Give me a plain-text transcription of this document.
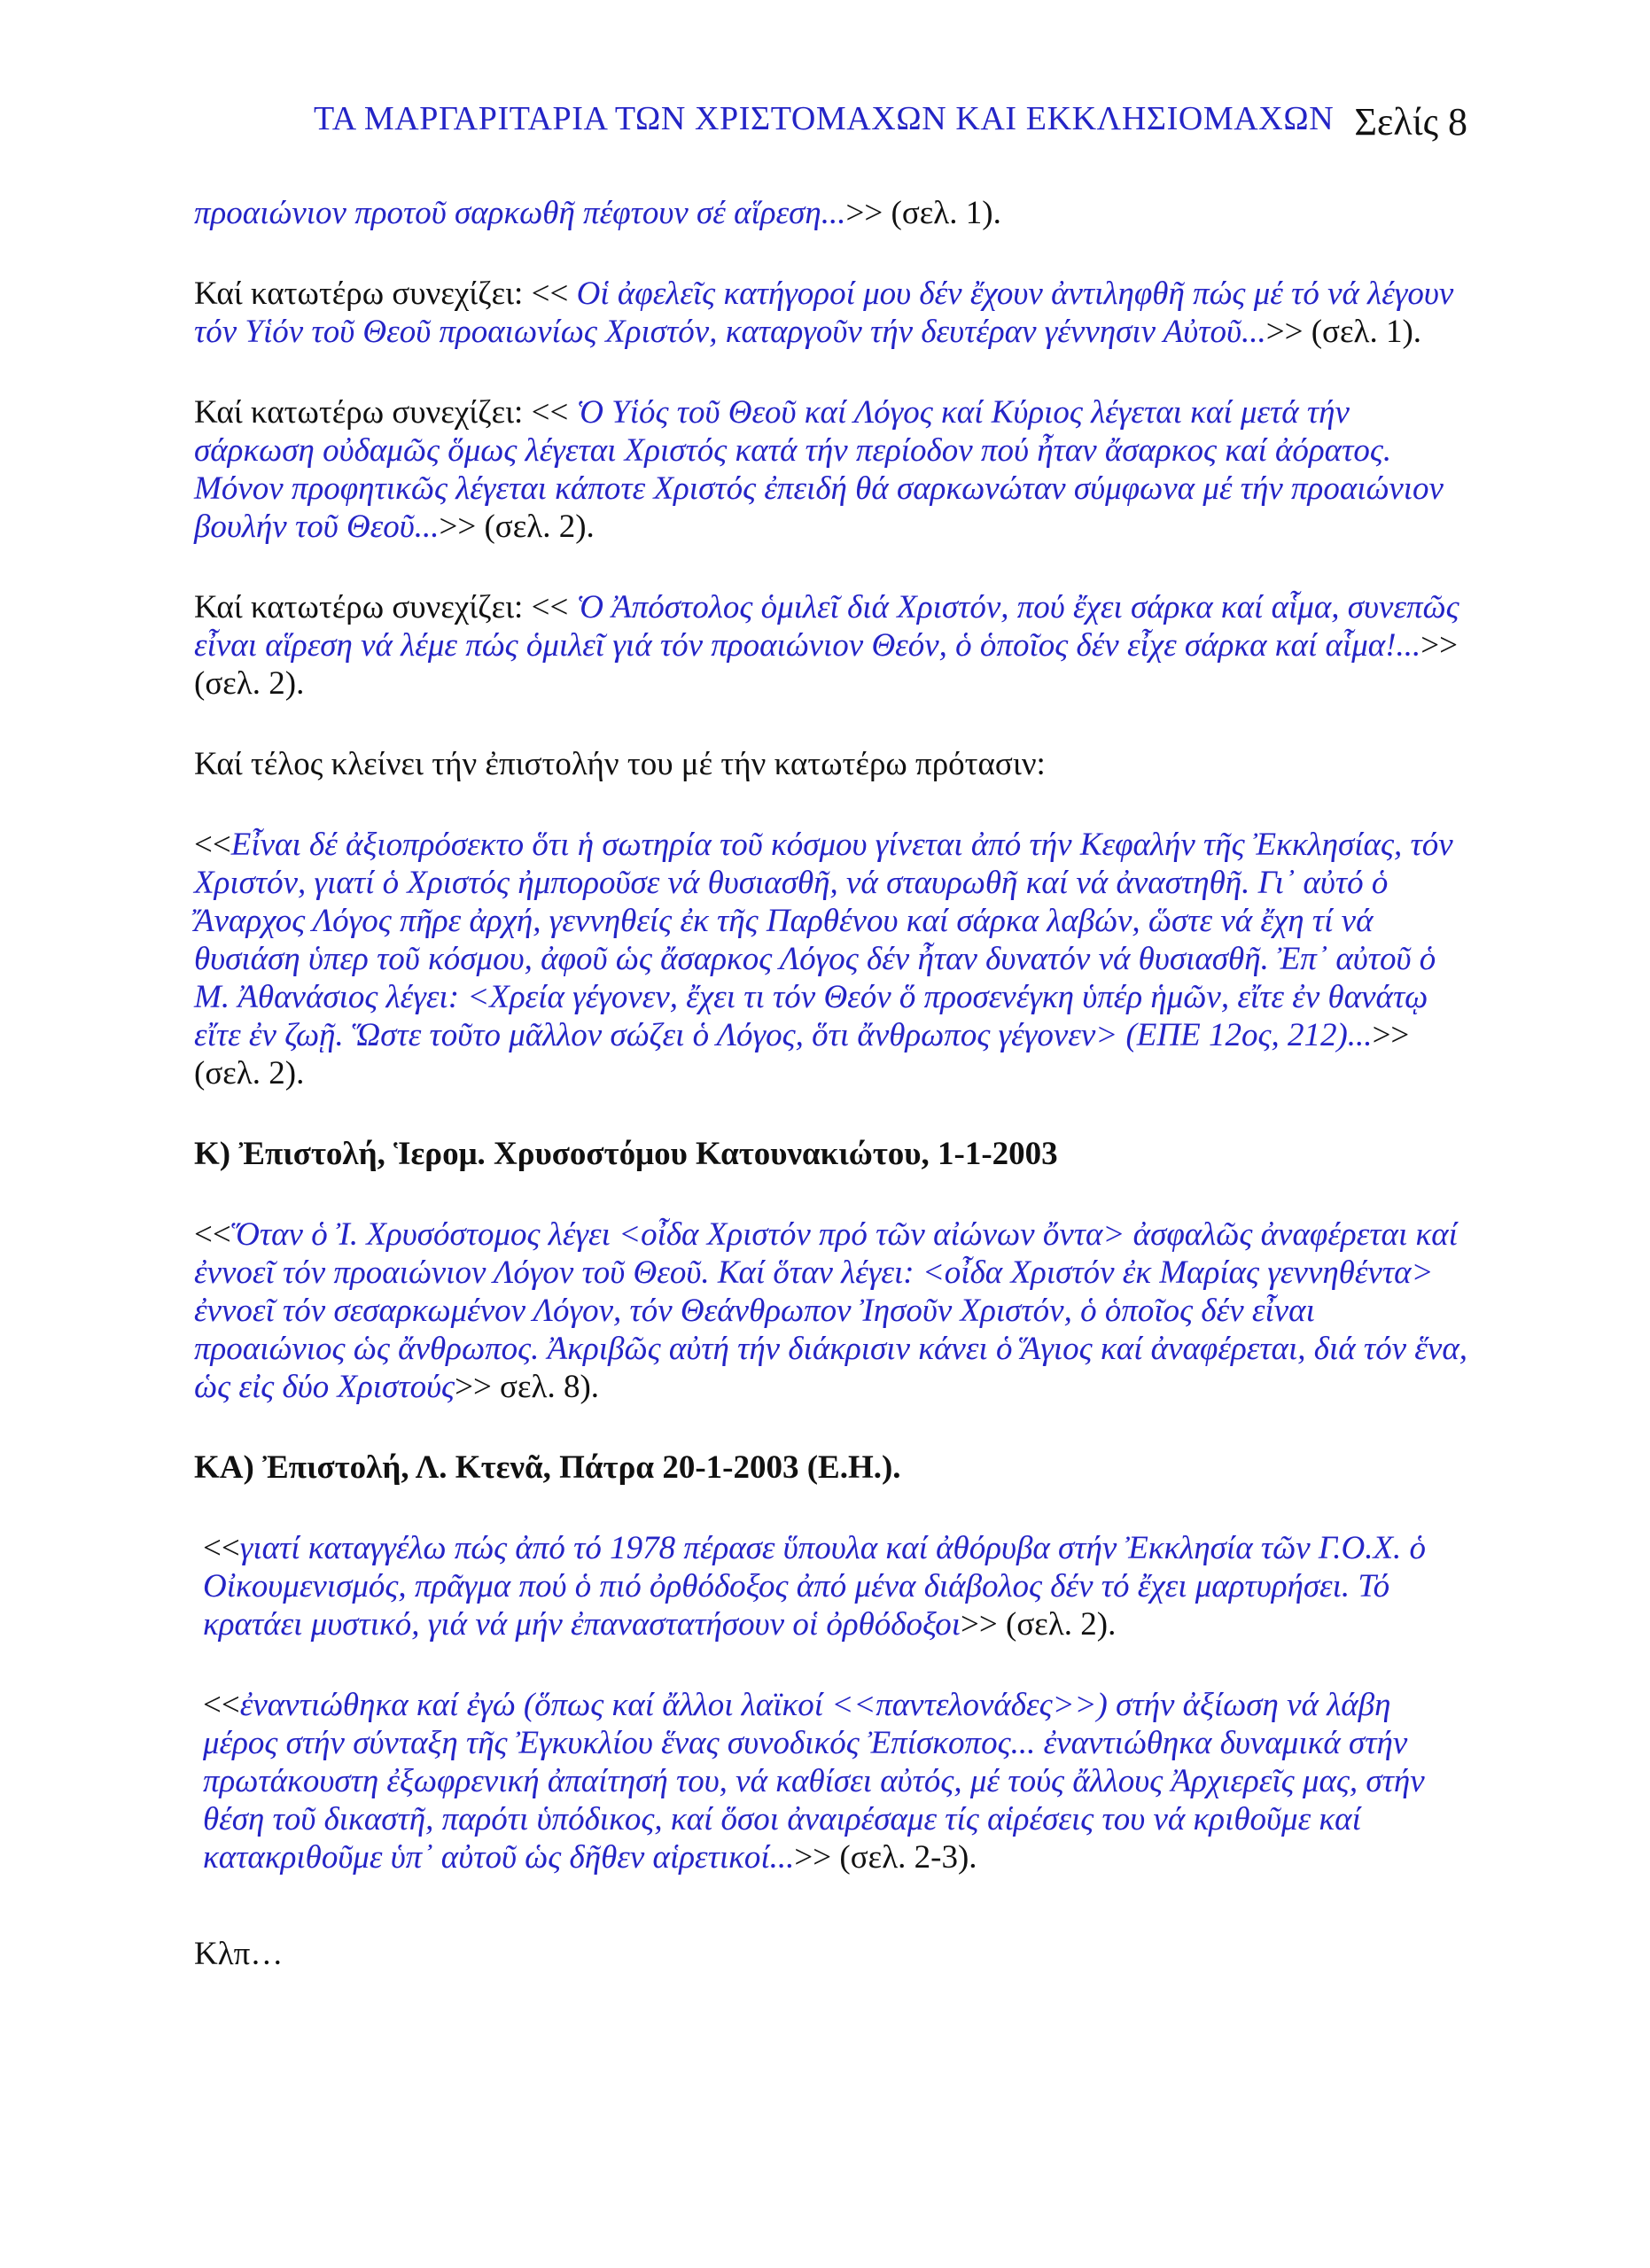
ΤΑ ΜΑΡΓΑΡΙΤΑΡΙΑ ΤΩΝ ΧΡΙΣΤΟΜΑΧΩΝ ΚΑΙ ΕΚΚΛΗΣΙΟΜΑΧΩΝ Σελίς 8

προαιώνιον προτοῦ σαρκωθῆ πέφτουν σέ αἵρεση...>> (σελ. 1).

Καί κατωτέρω συνεχίζει: << Οἱ ἀφελεῖς κατήγοροί μου δέν ἔχουν ἀντιληφθῆ πώς μέ τό νά λέγουν τόν Υἱόν τοῦ Θεοῦ προαιωνίως Χριστόν, καταργοῦν τήν δευτέραν γέννησιν Αὐτοῦ...>> (σελ. 1).

Καί κατωτέρω συνεχίζει: << Ὁ Υἱός τοῦ Θεοῦ καί Λόγος καί Κύριος λέγεται καί μετά τήν σάρκωση οὐδαμῶς ὅμως λέγεται Χριστός κατά τήν περίοδον πού ἦταν ἄσαρκος καί ἀόρατος. Μόνον προφητικῶς λέγεται κάποτε Χριστός ἐπειδή θά σαρκωνώταν σύμφωνα μέ τήν προαιώνιον βουλήν τοῦ Θεοῦ...>> (σελ. 2).

Καί κατωτέρω συνεχίζει: << Ὁ Ἀπόστολος ὁμιλεῖ διά Χριστόν, πού ἔχει σάρκα καί αἷμα, συνεπῶς εἶναι αἵρεση νά λέμε πώς ὁμιλεῖ γιά τόν προαιώνιον Θεόν, ὁ ὁποῖος δέν εἶχε σάρκα καί αἷμα!...>> (σελ. 2).

Καί τέλος κλείνει τήν ἐπιστολήν του μέ τήν κατωτέρω πρότασιν:

<<Εἶναι δέ ἀξιοπρόσεκτο ὅτι ἡ σωτηρία τοῦ κόσμου γίνεται ἀπό τήν Κεφαλήν τῆς Ἐκκλησίας, τόν Χριστόν, γιατί ὁ Χριστός ἠμποροῦσε νά θυσιασθῆ, νά σταυρωθῆ καί νά ἀναστηθῆ. Γι᾽ αὐτό ὁ Ἄναρχος Λόγος πῆρε ἀρχή, γεννηθείς ἐκ τῆς Παρθένου καί σάρκα λαβών, ὥστε νά ἔχη τί νά θυσιάση ὑπερ τοῦ κόσμου, ἀφοῦ ὡς ἄσαρκος Λόγος δέν ἦταν δυνατόν νά θυσιασθῆ. Ἐπ᾽ αὐτοῦ ὁ Μ. Ἀθανάσιος λέγει: <Χρεία γέγονεν, ἔχει τι τόν Θεόν ὅ προσενέγκη ὑπέρ ἡμῶν, εἴτε ἐν θανάτῳ εἴτε ἐν ζωῇ. Ὥστε τοῦτο μᾶλλον σώζει ὁ Λόγος, ὅτι ἄνθρωπος γέγονεν> (ΕΠΕ 12ος, 212)...>> (σελ. 2).

Κ) Ἐπιστολή, Ἱερομ. Χρυσοστόμου Κατουνακιώτου, 1-1-2003

<<Ὅταν ὁ Ἰ. Χρυσόστομος λέγει <οἶδα Χριστόν πρό τῶν αἰώνων ὄντα> ἀσφαλῶς ἀναφέρεται καί ἐννοεῖ τόν προαιώνιον Λόγον τοῦ Θεοῦ. Καί ὅταν λέγει: <οἶδα Χριστόν ἐκ Μαρίας γεννηθέντα> ἐννοεῖ τόν σεσαρκωμένον Λόγον, τόν Θεάνθρωπον Ἰησοῦν Χριστόν, ὁ ὁποῖος δέν εἶναι προαιώνιος ὡς ἄνθρωπος. Ἀκριβῶς αὐτή τήν διάκρισιν κάνει ὁ Ἅγιος καί ἀναφέρεται, διά τόν ἕνα, ὡς εἰς δύο Χριστούς>> σελ. 8).

ΚΑ) Ἐπιστολή, Λ. Κτενᾶ, Πάτρα 20-1-2003 (Ε.Η.).

<<γιατί καταγγέλω πώς ἀπό τό 1978 πέρασε ὕπουλα καί ἀθόρυβα στήν Ἐκκλησία τῶν Γ.Ο.Χ. ὁ Οἰκουμενισμός, πρᾶγμα πού ὁ πιό ὀρθόδοξος ἀπό μένα διάβολος δέν τό ἔχει μαρτυρήσει. Τό κρατάει μυστικό, γιά νά μήν ἐπαναστατήσουν οἱ ὀρθόδοξοι>> (σελ. 2).

<<ἐναντιώθηκα καί ἐγώ (ὅπως καί ἄλλοι λαϊκοί <<παντελονάδες>>) στήν ἀξίωση νά λάβη μέρος στήν σύνταξη τῆς Ἐγκυκλίου ἕνας συνοδικός Ἐπίσκοπος... ἐναντιώθηκα δυναμικά στήν πρωτάκουστη ἐξωφρενική ἀπαίτησή του, νά καθίσει αὐτός, μέ τούς ἄλλους Ἀρχιερεῖς μας, στήν θέση τοῦ δικαστῆ, παρότι ὑπόδικος, καί ὅσοι ἀναιρέσαμε τίς αἱρέσεις του νά κριθοῦμε καί κατακριθοῦμε ὑπ᾽ αὐτοῦ ὡς δῆθεν αἱρετικοί...>> (σελ. 2-3).

Κλπ…
